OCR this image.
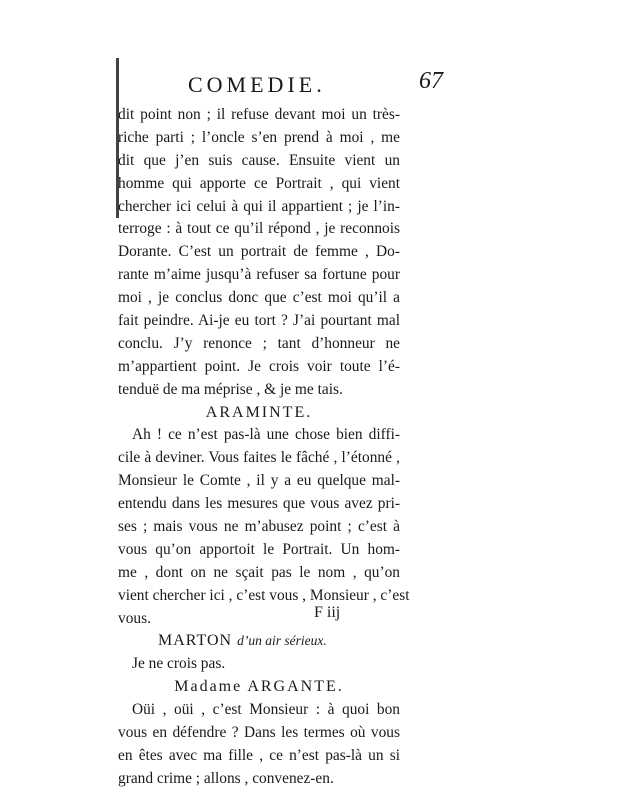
COMEDIE.	67
dit point non ; il refuse devant moi un très-
riche parti ; l’oncle s’en prend à moi , me
dit que j’en suis cause. Ensuite vient un
homme qui apporte ce Portrait , qui vient
chercher ici celui à qui il appartient ; je l’in-
terroge : à tout ce qu’il répond , je reconnois
Dorante. C’est un portrait de femme , Do-
rante m’aime jusqu’à refuser sa fortune pour
moi , je conclus donc que c’est moi qu’il a
fait peindre. Ai-je eu tort ? J’ai pourtant mal
conclu. J’y renonce ; tant d’honneur ne
m’appartient point. Je crois voir toute l’é-
tenduë de ma méprise , & je me tais.
ARAMINTE.
Ah ! ce n’est pas-là une chose bien diffi-
cile à deviner. Vous faites le fâché , l’étonné ,
Monsieur le Comte , il y a eu quelque mal-
entendu dans les mesures que vous avez pri-
ses ; mais vous ne m’abusez point ; c’est à
vous qu’on apportoit le Portrait. Un hom-
me , dont on ne sçait pas le nom , qu’on
vient chercher ici , c’est vous , Monsieur , c’est
vous.
MARTON d’un air sérieux.
Je ne crois pas.
Madame ARGANTE.
Oüi , oüi , c’est Monsieur : à quoi bon
vous en défendre ? Dans les termes où vous
en êtes avec ma fille , ce n’est pas-là un si
grand crime ; allons , convenez-en.
F iij
